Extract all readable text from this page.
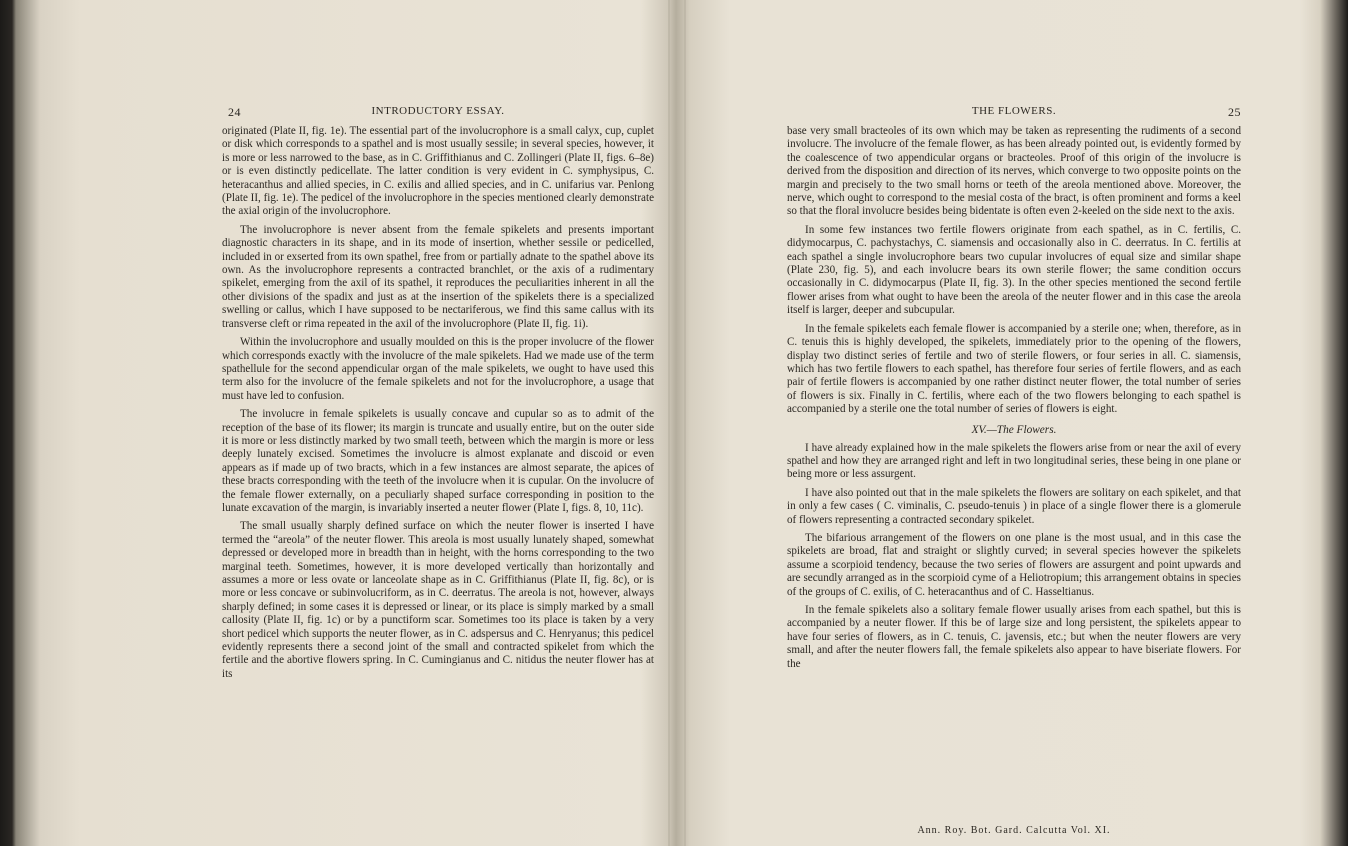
24	INTRODUCTORY ESSAY.

originated (Plate II, fig. 1e). The essential part of the involucrophore is a small calyx, cup, cuplet or disk which corresponds to a spathel and is most usually sessile; in several species, however, it is more or less narrowed to the base, as in C. Griffithianus and C. Zollingeri (Plate II, figs. 6–8e) or is even distinctly pedicellate. The latter condition is very evident in C. symphysipus, C. heteracanthus and allied species, in C. exilis and allied species, and in C. unifarius var. Penlong (Plate II, fig. 1e). The pedicel of the involucrophore in the species mentioned clearly demonstrate the axial origin of the involucrophore.

The involucrophore is never absent from the female spikelets and presents important diagnostic characters in its shape, and in its mode of insertion, whether sessile or pedicelled, included in or exserted from its own spathel, free from or partially adnate to the spathel above its own. As the involucrophore represents a contracted branchlet, or the axis of a rudimentary spikelet, emerging from the axil of its spathel, it reproduces the peculiarities inherent in all the other divisions of the spadix and just as at the insertion of the spikelets there is a specialized swelling or callus, which I have supposed to be nectariferous, we find this same callus with its transverse cleft or rima repeated in the axil of the involucrophore (Plate II, fig. 1i).

Within the involucrophore and usually moulded on this is the proper involucre of the flower which corresponds exactly with the involucre of the male spikelets. Had we made use of the term spathellule for the second appendicular organ of the male spikelets, we ought to have used this term also for the involucre of the female spikelets and not for the involucrophore, a usage that must have led to confusion.

The involucre in female spikelets is usually concave and cupular so as to admit of the reception of the base of its flower; its margin is truncate and usually entire, but on the outer side it is more or less distinctly marked by two small teeth, between which the margin is more or less deeply lunately excised. Sometimes the involucre is almost explanate and discoid or even appears as if made up of two bracts, which in a few instances are almost separate, the apices of these bracts corresponding with the teeth of the involucre when it is cupular. On the involucre of the female flower externally, on a peculiarly shaped surface corresponding in position to the lunate excavation of the margin, is invariably inserted a neuter flower (Plate I, figs. 8, 10, 11c).

The small usually sharply defined surface on which the neuter flower is inserted I have termed the “areola” of the neuter flower. This areola is most usually lunately shaped, somewhat depressed or developed more in breadth than in height, with the horns corresponding to the two marginal teeth. Sometimes, however, it is more developed vertically than horizontally and assumes a more or less ovate or lanceolate shape as in C. Griffithianus (Plate II, fig. 8c), or is more or less concave or subinvolucriform, as in C. deerratus. The areola is not, however, always sharply defined; in some cases it is depressed or linear, or its place is simply marked by a small callosity (Plate II, fig. 1c) or by a punctiform scar. Sometimes too its place is taken by a very short pedicel which supports the neuter flower, as in C. adspersus and C. Henryanus; this pedicel evidently represents there a second joint of the small and contracted spikelet from which the fertile and the abortive flowers spring. In C. Cumingianus and C. nitidus the neuter flower has at its

THE FLOWERS.	25

base very small bracteoles of its own which may be taken as representing the rudiments of a second involucre. The involucre of the female flower, as has been already pointed out, is evidently formed by the coalescence of two appendicular organs or bracteoles. Proof of this origin of the involucre is derived from the disposition and direction of its nerves, which converge to two opposite points on the margin and precisely to the two small horns or teeth of the areola mentioned above. Moreover, the nerve, which ought to correspond to the mesial costa of the bract, is often prominent and forms a keel so that the floral involucre besides being bidentate is often even 2-keeled on the side next to the axis.

In some few instances two fertile flowers originate from each spathel, as in C. fertilis, C. didymocarpus, C. pachystachys, C. siamensis and occasionally also in C. deerratus. In C. fertilis at each spathel a single involucrophore bears two cupular involucres of equal size and similar shape (Plate 230, fig. 5), and each involucre bears its own sterile flower; the same condition occurs occasionally in C. didymocarpus (Plate II, fig. 3). In the other species mentioned the second fertile flower arises from what ought to have been the areola of the neuter flower and in this case the areola itself is larger, deeper and subcupular.

In the female spikelets each female flower is accompanied by a sterile one; when, therefore, as in C. tenuis this is highly developed, the spikelets, immediately prior to the opening of the flowers, display two distinct series of fertile and two of sterile flowers, or four series in all. C. siamensis, which has two fertile flowers to each spathel, has therefore four series of fertile flowers, and as each pair of fertile flowers is accompanied by one rather distinct neuter flower, the total number of series of flowers is six. Finally in C. fertilis, where each of the two flowers belonging to each spathel is accompanied by a sterile one the total number of series of flowers is eight.

XV.—The Flowers.

I have already explained how in the male spikelets the flowers arise from or near the axil of every spathel and how they are arranged right and left in two longitudinal series, these being in one plane or being more or less assurgent.

I have also pointed out that in the male spikelets the flowers are solitary on each spikelet, and that in only a few cases ( C. viminalis, C. pseudo-tenuis ) in place of a single flower there is a glomerule of flowers representing a contracted secondary spikelet.

The bifarious arrangement of the flowers on one plane is the most usual, and in this case the spikelets are broad, flat and straight or slightly curved; in several species however the spikelets assume a scorpioid tendency, because the two series of flowers are assurgent and point upwards and are secundly arranged as in the scorpioid cyme of a Heliotropium; this arrangement obtains in species of the groups of C. exilis, of C. heteracanthus and of C. Hasseltianus.

In the female spikelets also a solitary female flower usually arises from each spathel, but this is accompanied by a neuter flower. If this be of large size and long persistent, the spikelets appear to have four series of flowers, as in C. tenuis, C. javensis, etc.; but when the neuter flowers are very small, and after the neuter flowers fall, the female spikelets also appear to have biseriate flowers. For the

Ann. Roy. Bot. Gard. Calcutta Vol. XI.
